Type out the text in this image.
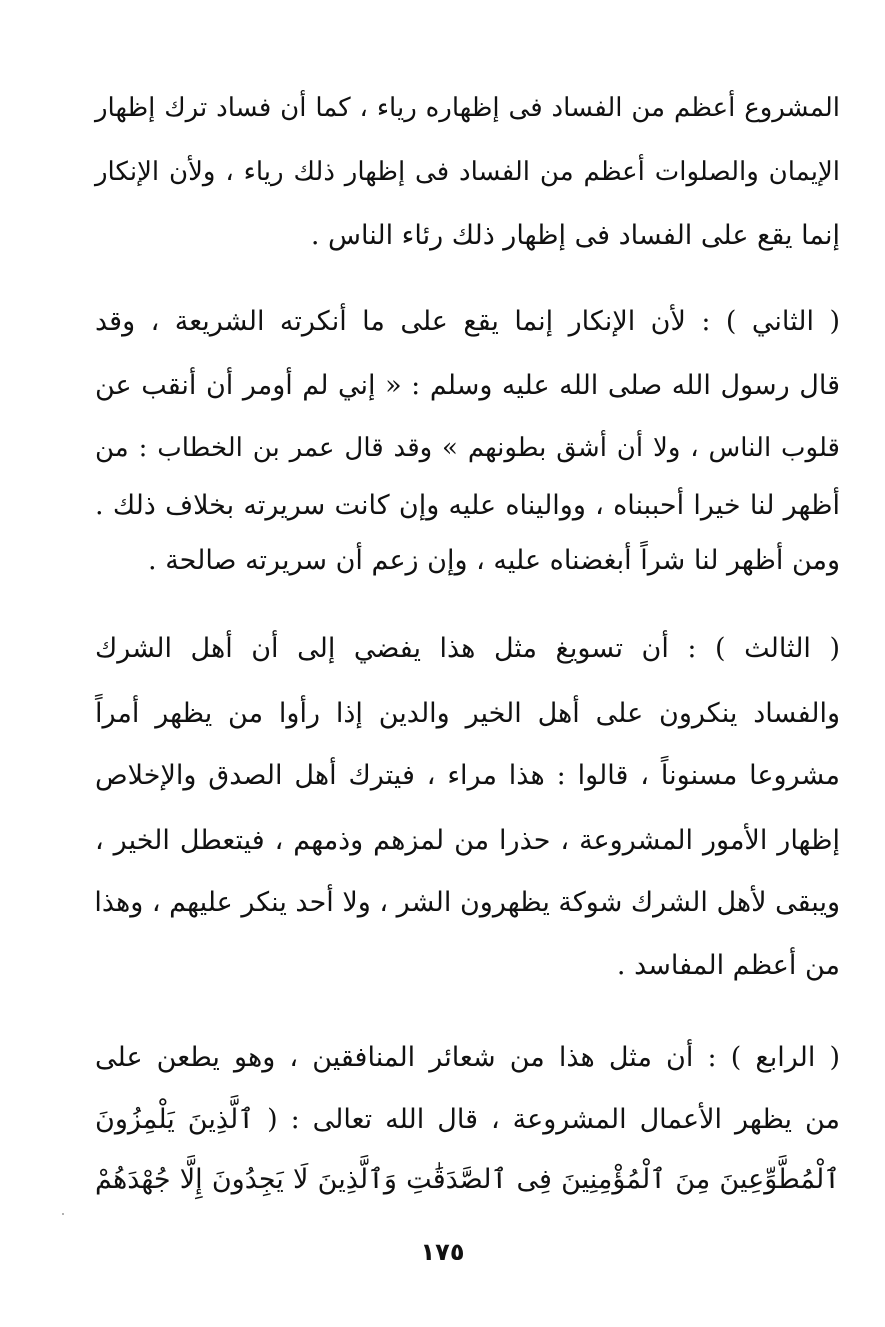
المشروع أعظم من الفساد فى إظهاره رياء ، كما أن فساد ترك إظهار
الإيمان والصلوات أعظم من الفساد فى إظهار ذلك رياء ، ولأن الإنكار
إنما يقع على الفساد فى إظهار ذلك رئاء الناس .
( الثاني ) : لأن الإنكار إنما يقع على ما أنكرته الشريعة ، وقد
قال رسول الله صلى الله عليه وسلم : « إني لم أومر أن أنقب عن
قلوب الناس ، ولا أن أشق بطونهم » وقد قال عمر بن الخطاب : من
أظهر لنا خيرا أحببناه ، وواليناه عليه وإن كانت سريرته بخلاف ذلك .
ومن أظهر لنا شراً أبغضناه عليه ، وإن زعم أن سريرته صالحة .
( الثالث ) : أن تسويغ مثل هذا يفضي إلى أن أهل الشرك
والفساد ينكرون على أهل الخير والدين إذا رأوا من يظهر أمراً
مشروعا مسنوناً ، قالوا : هذا مراء ، فيترك أهل الصدق والإخلاص
إظهار الأمور المشروعة ، حذرا من لمزهم وذمهم ، فيتعطل الخير ،
ويبقى لأهل الشرك شوكة يظهرون الشر ، ولا أحد ينكر عليهم ، وهذا
من أعظم المفاسد .
( الرابع ) : أن مثل هذا من شعائر المنافقين ، وهو يطعن على
من يظهر الأعمال المشروعة ، قال الله تعالى : ( ٱلَّذِينَ يَلْمِزُونَ
ٱلْمُطَّوِّعِينَ مِنَ ٱلْمُؤْمِنِينَ فِى ٱلصَّدَقَٰتِ وَٱلَّذِينَ لَا يَجِدُونَ إِلَّا جُهْدَهُمْ
١٧٥
